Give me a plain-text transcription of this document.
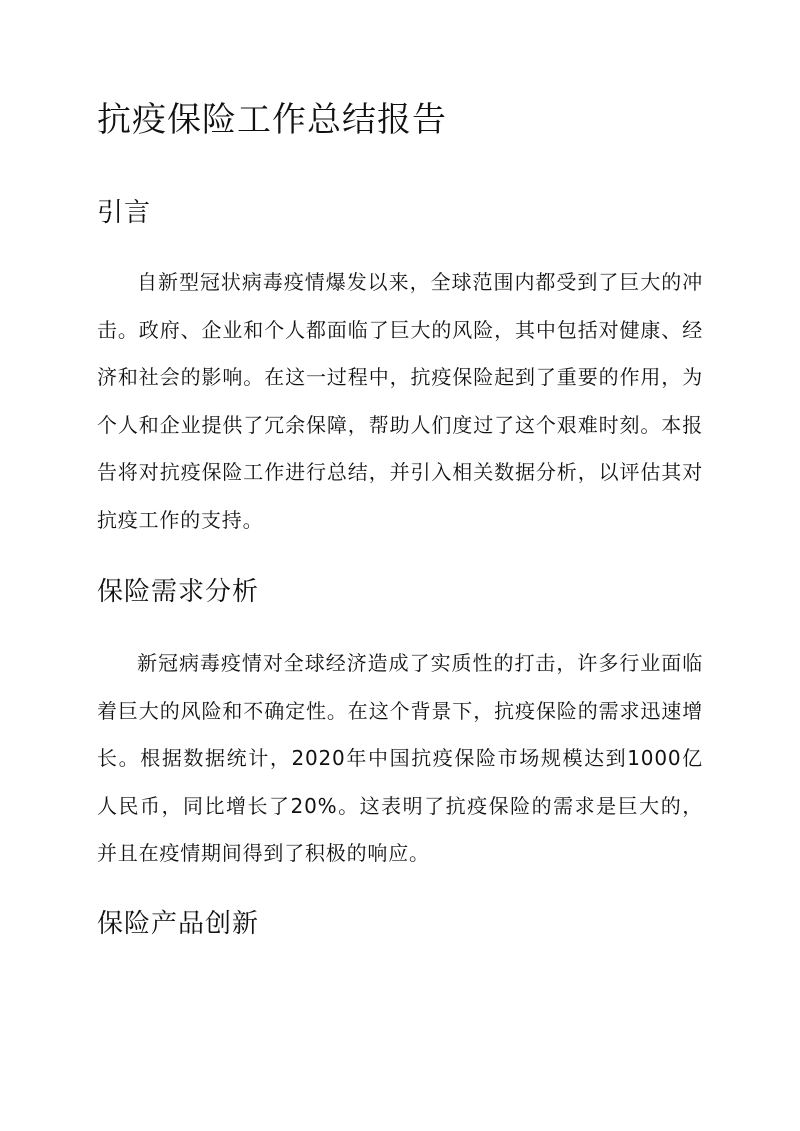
抗疫保险工作总结报告
引言

自新型冠状病毒疫情爆发以来，全球范围内都受到了巨大的冲击。政府、企业和个人都面临了巨大的风险，其中包括对健康、经济和社会的影响。在这一过程中，抗疫保险起到了重要的作用，为个人和企业提供了冗余保障，帮助人们度过了这个艰难时刻。本报告将对抗疫保险工作进行总结，并引入相关数据分析，以评估其对抗疫工作的支持。

保险需求分析

新冠病毒疫情对全球经济造成了实质性的打击，许多行业面临着巨大的风险和不确定性。在这个背景下，抗疫保险的需求迅速增长。根据数据统计，2020年中国抗疫保险市场规模达到1000亿人民币，同比增长了20%。这表明了抗疫保险的需求是巨大的，并且在疫情期间得到了积极的响应。

保险产品创新
